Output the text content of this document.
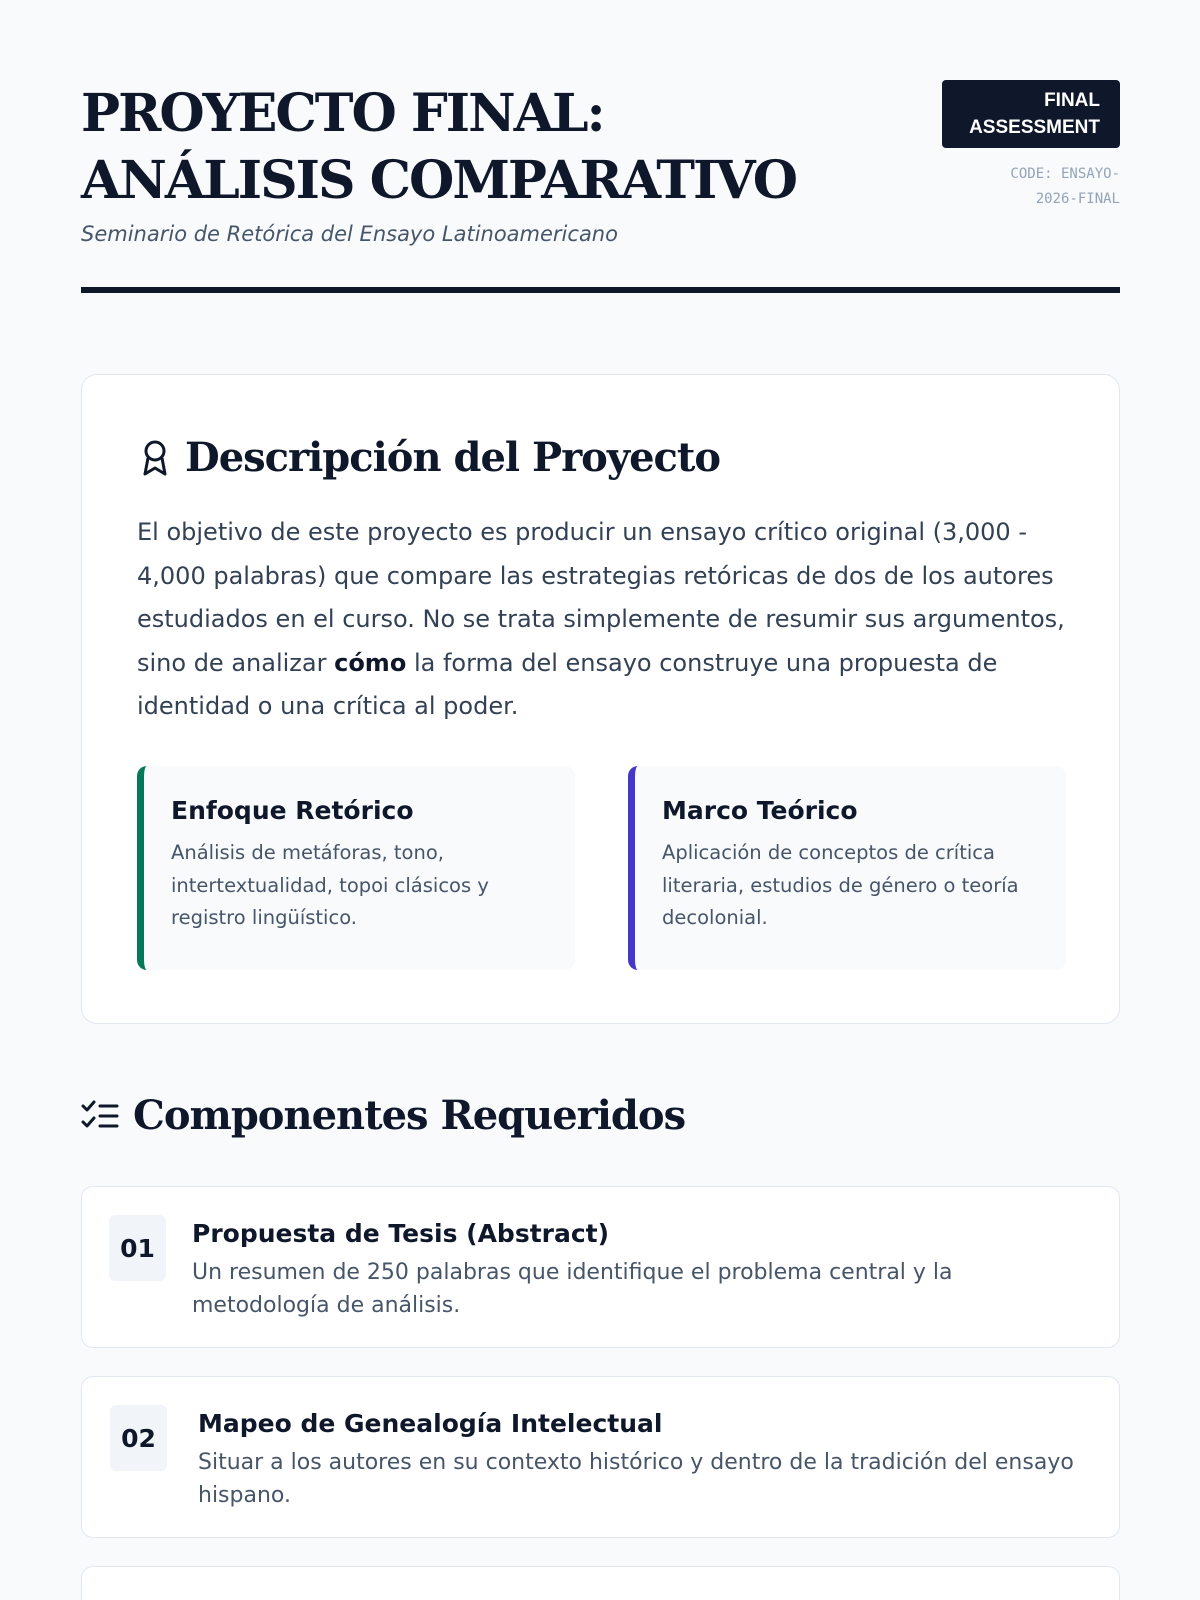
PROYECTO FINAL: ANÁLISIS COMPARATIVO
Seminario de Retórica del Ensayo Latinoamericano
FINAL ASSESSMENT
CODE: ENSAYO-2026-FINAL
Descripción del Proyecto

El objetivo de este proyecto es producir un ensayo crítico original (3,000 - 4,000 palabras) que compare las estrategias retóricas de dos de los autores estudiados en el curso. No se trata simplemente de resumir sus argumentos, sino de analizar cómo la forma del ensayo construye una propuesta de identidad o una crítica al poder.

Enfoque Retórico

Análisis de metáforas, tono, intertextualidad, topoi clásicos y registro lingüístico.

Marco Teórico

Aplicación de conceptos de crítica literaria, estudios de género o teoría decolonial.

Componentes Requeridos
01	Propuesta de Tesis (Abstract)

Un resumen de 250 palabras que identifique el problema central y la metodología de análisis.

02	Mapeo de Genealogía Intelectual

Situar a los autores en su contexto histórico y dentro de la tradición del ensayo hispano.
